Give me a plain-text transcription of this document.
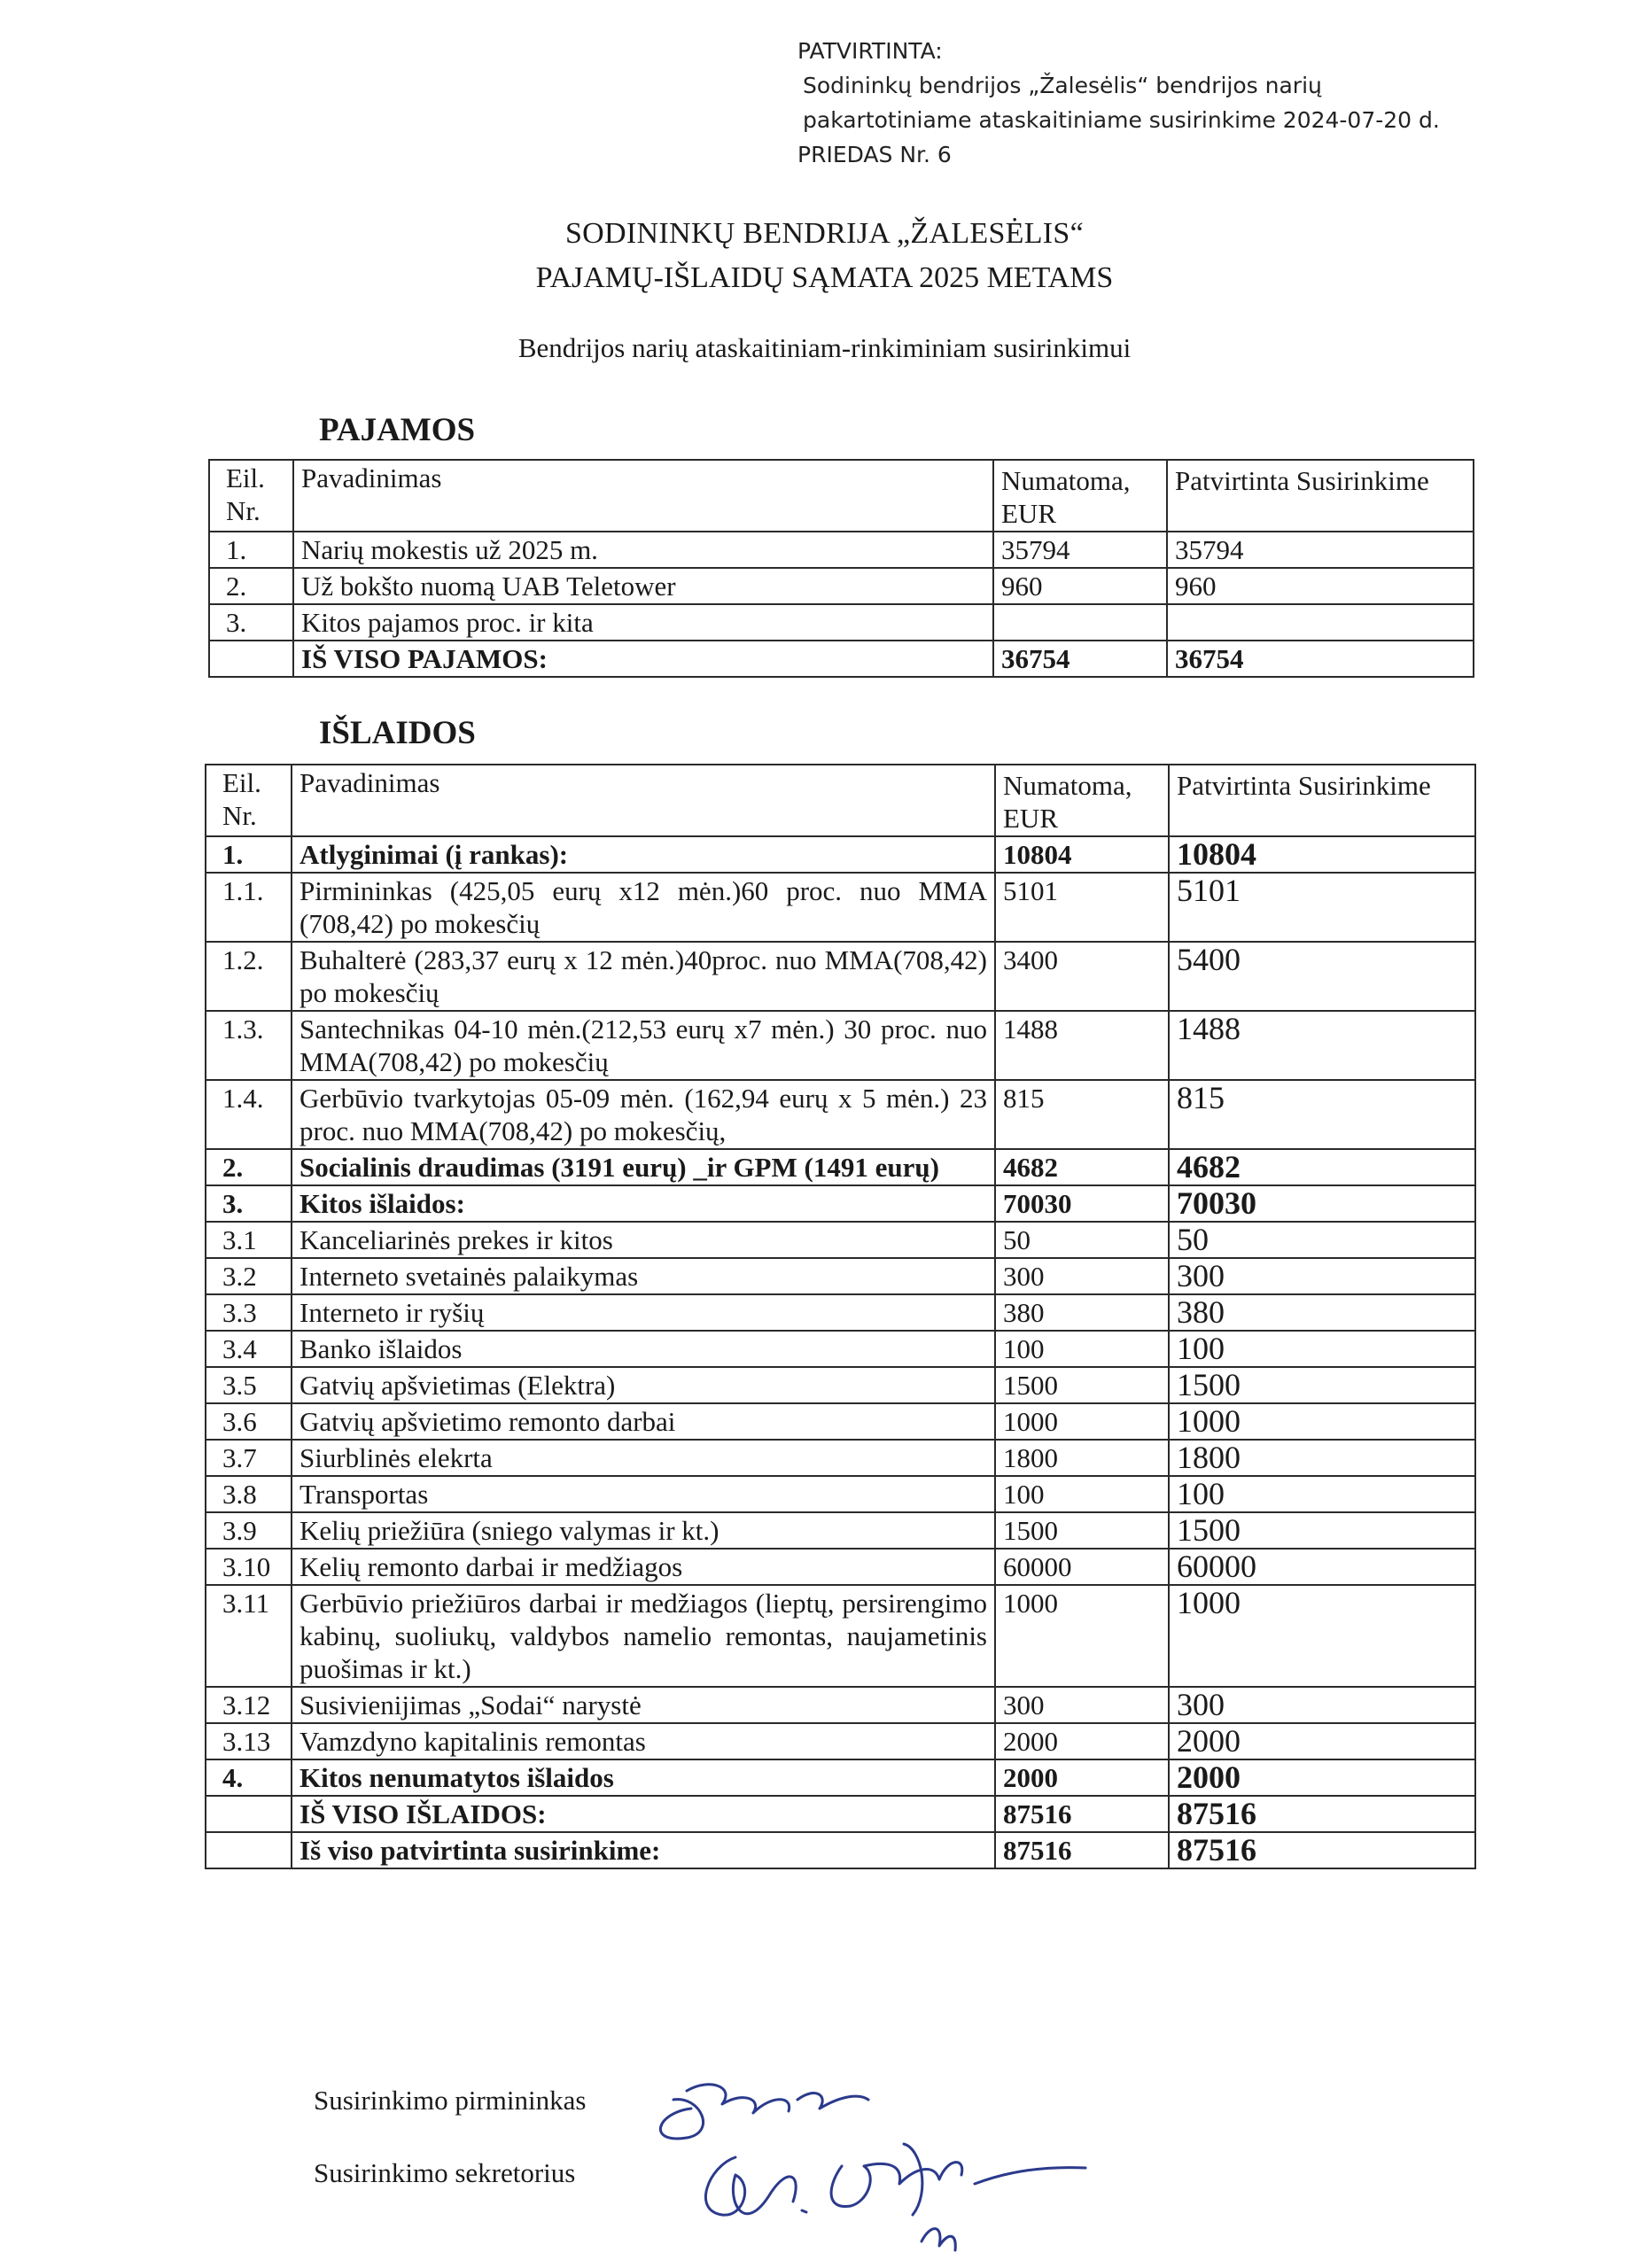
PATVIRTINTA:
Sodininkų bendrijos „Žalesėlis“ bendrijos narių
pakartotiniame ataskaitiniame susirinkime 2024-07-20 d.
PRIEDAS Nr. 6
SODININKŲ BENDRIJA „ŽALESĖLIS“
PAJAMŲ-IŠLAIDŲ SĄMATA 2025 METAMS
Bendrijos narių ataskaitiniam-rinkiminiam susirinkimui
PAJAMOS
Eil. Nr.	Pavadinimas	Numatoma, EUR	Patvirtinta Susirinkime
1.	Narių mokestis už 2025 m.	35794	35794
2.	Už bokšto nuomą UAB Teletower	960	960
3.	Kitos pajamos proc. ir kita		
	IŠ VISO PAJAMOS:	36754	36754
IŠLAIDOS
Eil. Nr.	Pavadinimas	Numatoma, EUR	Patvirtinta Susirinkime
1.	Atlyginimai (į rankas):	10804	10804
1.1.	Pirmininkas (425,05 eurų x12 mėn.)60 proc. nuo MMA (708,42) po mokesčių	5101	5101
1.2.	Buhalterė (283,37 eurų x 12 mėn.)40proc. nuo MMA(708,42) po mokesčių	3400	5400
1.3.	Santechnikas 04-10 mėn.(212,53 eurų x7 mėn.) 30 proc. nuo MMA(708,42) po mokesčių	1488	1488
1.4.	Gerbūvio tvarkytojas 05-09 mėn. (162,94 eurų x 5 mėn.) 23 proc. nuo MMA(708,42) po mokesčių,	815	815
2.	Socialinis draudimas (3191 eurų) _ir GPM (1491 eurų)	4682	4682
3.	Kitos išlaidos:	70030	70030
3.1	Kanceliarinės prekes ir kitos	50	50
3.2	Interneto svetainės palaikymas	300	300
3.3	Interneto ir ryšių	380	380
3.4	Banko išlaidos	100	100
3.5	Gatvių apšvietimas (Elektra)	1500	1500
3.6	Gatvių apšvietimo remonto darbai	1000	1000
3.7	Siurblinės elekrta	1800	1800
3.8	Transportas	100	100
3.9	Kelių priežiūra (sniego valymas ir kt.)	1500	1500
3.10	Kelių remonto darbai ir medžiagos	60000	60000
3.11	Gerbūvio priežiūros darbai ir medžiagos (lieptų, persirengimo kabinų, suoliukų, valdybos namelio remontas, naujametinis puošimas ir kt.)	1000	1000
3.12	Susivienijimas „Sodai“ narystė	300	300
3.13	Vamzdyno kapitalinis remontas	2000	2000
4.	Kitos nenumatytos išlaidos	2000	2000
	IŠ VISO IŠLAIDOS:	87516	87516
	Iš viso patvirtinta susirinkime:	87516	87516
Susirinkimo pirmininkas
Susirinkimo sekretorius
